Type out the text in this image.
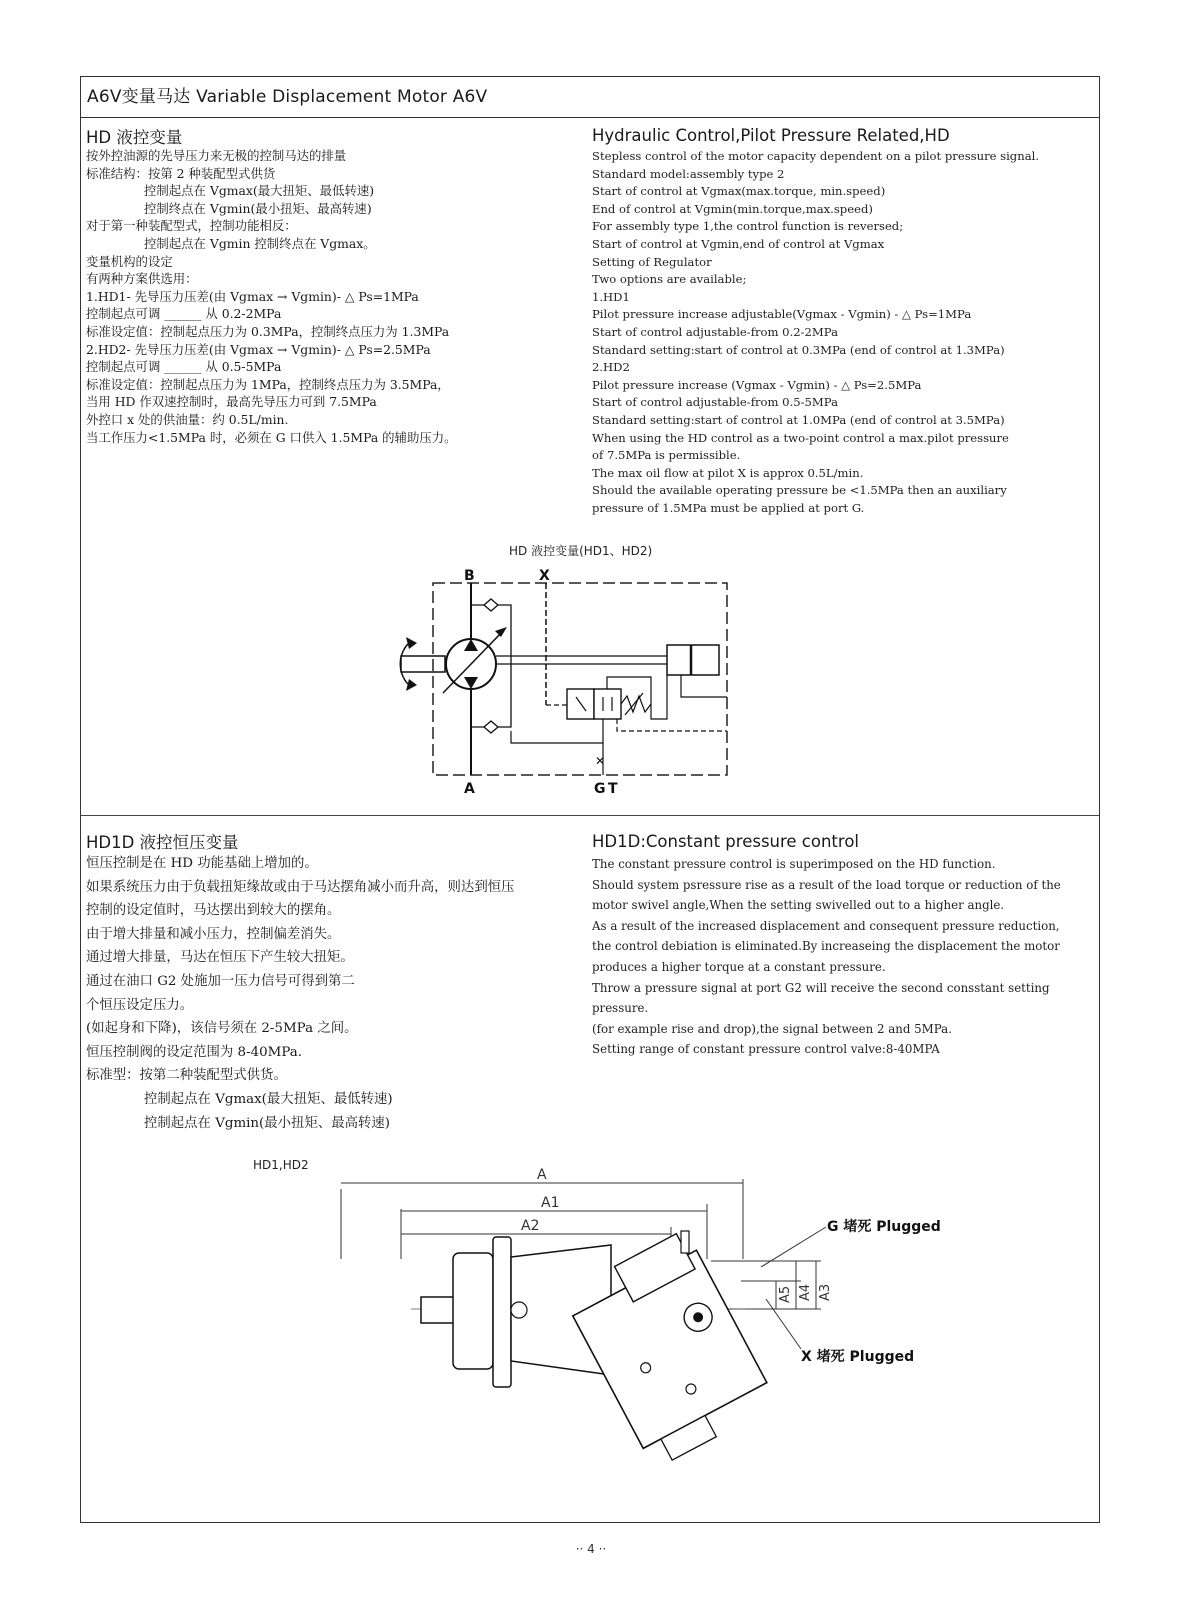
A6V变量马达 Variable Displacement Motor A6V
HD 液控变量
按外控油源的先导压力来无极的控制马达的排量
标准结构：按第 2 种装配型式供货
控制起点在 Vgmax(最大扭矩、最低转速)
控制终点在 Vgmin(最小扭矩、最高转速)
对于第一种装配型式，控制功能相反：
控制起点在 Vgmin 控制终点在 Vgmax。
变量机构的设定
有两种方案供选用：
1.HD1- 先导压力压差(由 Vgmax → Vgmin)- △ Ps=1MPa
控制起点可调 ______ 从 0.2-2MPa
标准设定值：控制起点压力为 0.3MPa，控制终点压力为 1.3MPa
2.HD2- 先导压力压差(由 Vgmax → Vgmin)- △ Ps=2.5MPa
控制起点可调 ______ 从 0.5-5MPa
标准设定值：控制起点压力为 1MPa，控制终点压力为 3.5MPa，
当用 HD 作双速控制时，最高先导压力可到 7.5MPa
外控口 x 处的供油量：约 0.5L/min.
当工作压力<1.5MPa 时，必须在 G 口供入 1.5MPa 的辅助压力。
Hydraulic Control,Pilot Pressure Related,HD
Stepless control of the motor capacity dependent on a pilot pressure signal.
Standard model:assembly type 2
Start of control at Vgmax(max.torque, min.speed)
End of control at Vgmin(min.torque,max.speed)
For assembly type 1,the control function is reversed;
Start of control at Vgmin,end of control at Vgmax
Setting of Regulator
Two options are available;
1.HD1
Pilot pressure increase adjustable(Vgmax - Vgmin) - △ Ps=1MPa
Start of control adjustable-from 0.2-2MPa
Standard setting:start of control at 0.3MPa (end of control at 1.3MPa)
2.HD2
Pilot pressure increase (Vgmax - Vgmin) - △ Ps=2.5MPa
Start of control adjustable-from 0.5-5MPa
Standard setting:start of control at 1.0MPa (end of control at 3.5MPa)
When using the HD control as a two-point control a max.pilot pressure
of 7.5MPa is permissible.
The max oil flow at pilot X is approx 0.5L/min.
Should the available operating pressure be <1.5MPa then an auxiliary
pressure of 1.5MPa must be applied at port G.
HD 液控变量(HD1、HD2)
B	X
A	G T
✕
HD1D 液控恒压变量
恒压控制是在 HD 功能基础上增加的。
如果系统压力由于负载扭矩缘故或由于马达摆角减小而升高，则达到恒压
控制的设定值时，马达摆出到较大的摆角。
由于增大排量和减小压力，控制偏差消失。
通过增大排量，马达在恒压下产生较大扭矩。
通过在油口 G2 处施加一压力信号可得到第二
个恒压设定压力。
(如起身和下降)，该信号须在 2-5MPa 之间。
恒压控制阀的设定范围为 8-40MPa.
标准型：按第二种装配型式供货。
控制起点在 Vgmax(最大扭矩、最低转速)
控制起点在 Vgmin(最小扭矩、最高转速)
HD1D:Constant pressure control
The constant pressure control is superimposed on the HD function.
Should system psressure rise as a result of the load torque or reduction of the
motor swivel angle,When the setting swivelled out to a higher angle.
As a result of the increased displacement and consequent pressure reduction,
the control debiation is eliminated.By increaseing the displacement the motor
produces a higher torque at a constant pressure.
Throw a pressure signal at port G2 will receive the second consstant setting
pressure.
(for example rise and drop),the signal between 2 and 5MPa.
Setting range of constant pressure control valve:8-40MPA
HD1,HD2
A
A1
A2
A3
A4
A5
G 堵死 Plugged
X 堵死 Plugged
·· 4 ··
